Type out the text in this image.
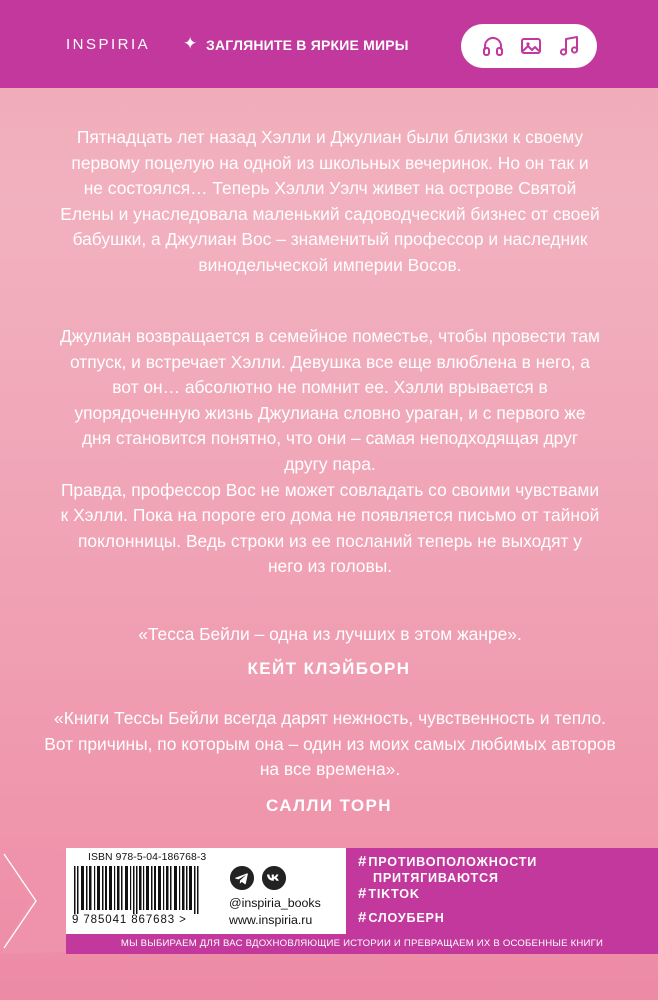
INSPIRIA ✦ ЗАГЛЯНИТЕ В ЯРКИЕ МИРЫ
Пятнадцать лет назад Хэлли и Джулиан были близки к своему первому поцелую на одной из школьных вечеринок. Но он так и не состоялся… Теперь Хэлли Уэлч живет на острове Святой Елены и унаследовала маленький садоводческий бизнес от своей бабушки, а Джулиан Вос – знаменитый профессор и наследник винодельческой империи Восов.
Джулиан возвращается в семейное поместье, чтобы провести там отпуск, и встречает Хэлли. Девушка все еще влюблена в него, а вот он… абсолютно не помнит ее. Хэлли врывается в упорядоченную жизнь Джулиана словно ураган, и с первого же дня становится понятно, что они – самая неподходящая друг другу пара.
Правда, профессор Вос не может совладать со своими чувствами к Хэлли. Пока на пороге его дома не появляется письмо от тайной поклонницы. Ведь строки из ее посланий теперь не выходят у него из головы.
«Тесса Бейли – одна из лучших в этом жанре».
КЕЙТ КЛЭЙБОРН
«Книги Тессы Бейли всегда дарят нежность, чувственность и тепло. Вот причины, по которым она – один из моих самых любимых авторов на все времена».
САЛЛИ ТОРН
ISBN 978-5-04-186768-3
9 785041 867683 >
@inspiria_books
www.inspiria.ru
# ПРОТИВОПОЛОЖНОСТИ
ПРИТЯГИВАЮТСЯ
# TIKTOK
# СЛОУБЕРН
МЫ ВЫБИРАЕМ ДЛЯ ВАС ВДОХНОВЛЯЮЩИЕ ИСТОРИИ И ПРЕВРАЩАЕМ ИХ В ОСОБЕННЫЕ КНИГИ
